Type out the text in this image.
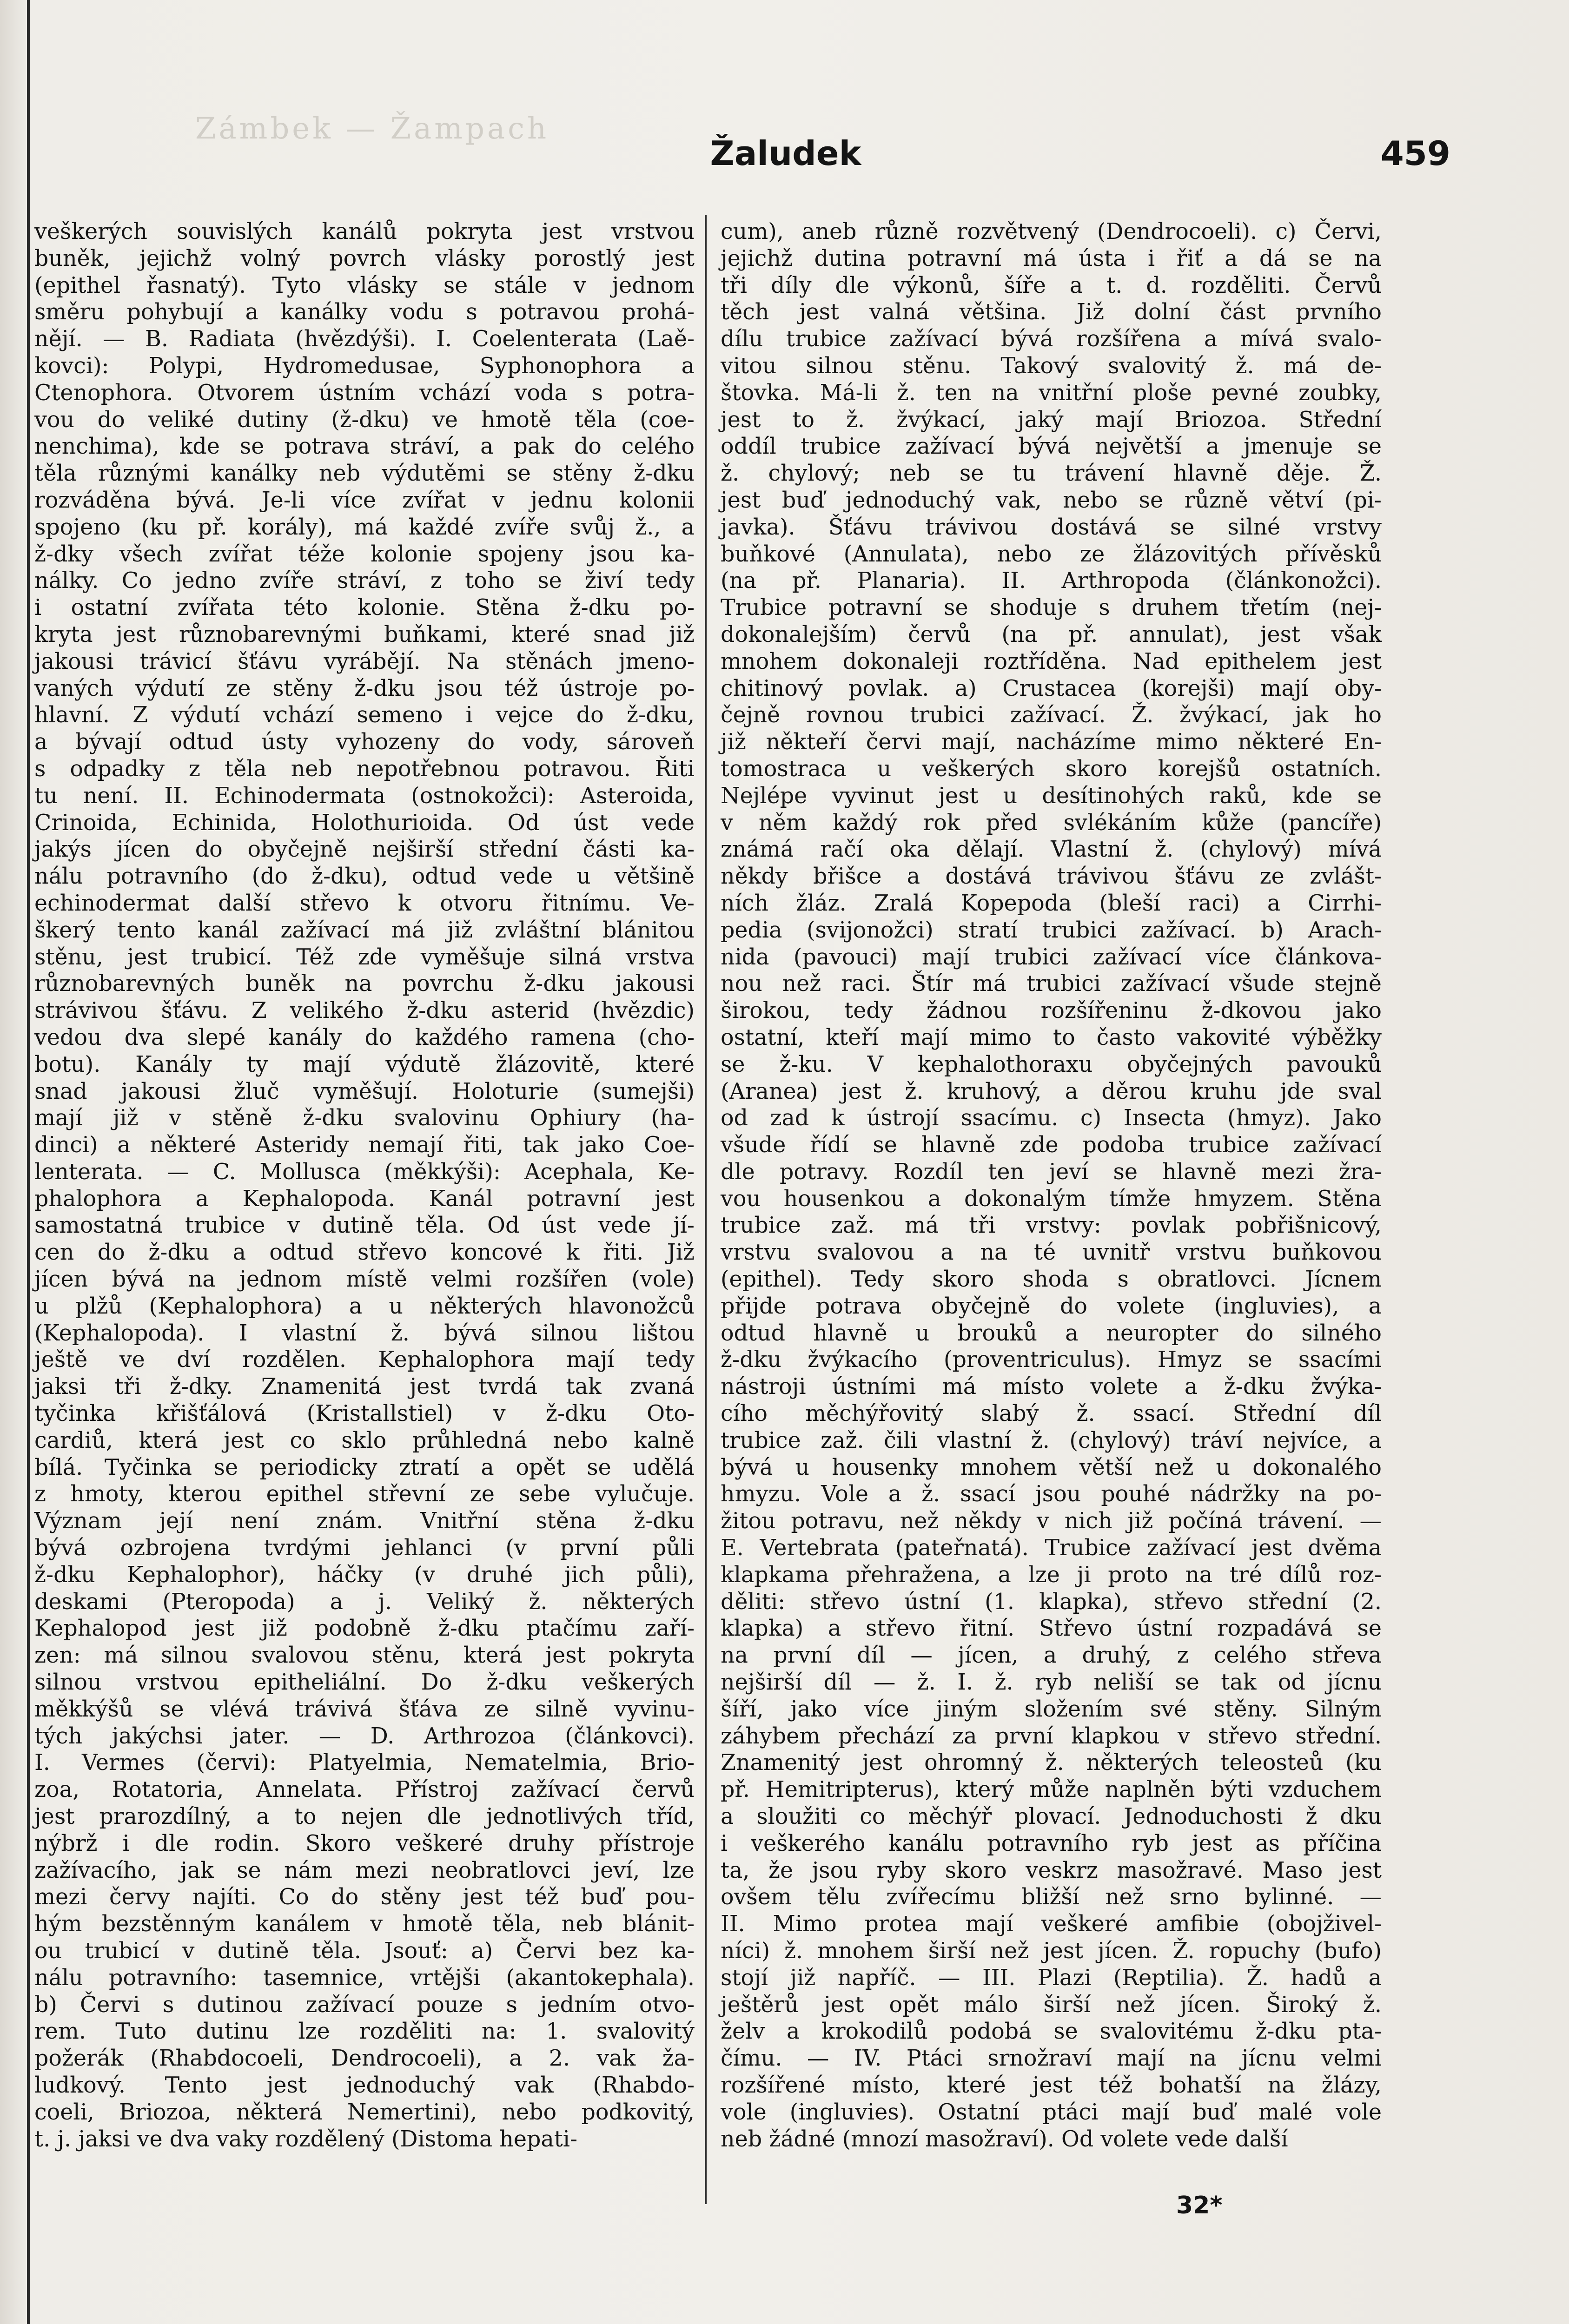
Zámbek — Žampach
Žaludek	459

veškerých souvislých kanálů pokryta jest vrstvou

buněk, jejichž volný povrch vlásky porostlý jest

(epithel řasnatý). Tyto vlásky se stále v jednom

směru pohybují a kanálky vodu s potravou prohá-

nějí. — B. Radiata (hvězdýši). I. Coelenterata (Laě-

kovci): Polypi, Hydromedusae, Syphonophora a

Ctenophora. Otvorem ústním vchází voda s potra-

vou do veliké dutiny (ž-dku) ve hmotě těla (coe-

nenchima), kde se potrava stráví, a pak do celého

těla různými kanálky neb výdutěmi se stěny ž-dku

rozváděna bývá. Je-li více zvířat v jednu kolonii

spojeno (ku př. korály), má každé zvíře svůj ž., a

ž-dky všech zvířat téže kolonie spojeny jsou ka-

nálky. Co jedno zvíře stráví, z toho se živí tedy

i ostatní zvířata této kolonie. Stěna ž-dku po-

kryta jest různobarevnými buňkami, které snad již

jakousi trávicí šťávu vyrábějí. Na stěnách jmeno-

vaných výdutí ze stěny ž-dku jsou též ústroje po-

hlavní. Z výdutí vchází semeno i vejce do ž-dku,

a bývají odtud ústy vyhozeny do vody, sároveň

s odpadky z těla neb nepotřebnou potravou. Řiti

tu není. II. Echinodermata (ostnokožci): Asteroida,

Crinoida, Echinida, Holothurioida. Od úst vede

jakýs jícen do obyčejně nejširší střední části ka-

nálu potravního (do ž-dku), odtud vede u většině

echinodermat další střevo k otvoru řitnímu. Ve-

škerý tento kanál zažívací má již zvláštní blánitou

stěnu, jest trubicí. Též zde vyměšuje silná vrstva

různobarevných buněk na povrchu ž-dku jakousi

strávivou šťávu. Z velikého ž-dku asterid (hvězdic)

vedou dva slepé kanály do každého ramena (cho-

botu). Kanály ty mají výdutě žlázovitě, které

snad jakousi žluč vyměšují. Holoturie (sumejši)

mají již v stěně ž-dku svalovinu Ophiury (ha-

dinci) a některé Asteridy nemají řiti, tak jako Coe-

lenterata. — C. Mollusca (měkkýši): Acephala, Ke-

phalophora a Kephalopoda. Kanál potravní jest

samostatná trubice v dutině těla. Od úst vede jí-

cen do ž-dku a odtud střevo koncové k řiti. Již

jícen bývá na jednom místě velmi rozšířen (vole)

u plžů (Kephalophora) a u některých hlavonožců

(Kephalopoda). I vlastní ž. bývá silnou lištou

ještě ve dví rozdělen. Kephalophora mají tedy

jaksi tři ž-dky. Znamenitá jest tvrdá tak zvaná

tyčinka křišťálová (Kristallstiel) v ž-dku Oto-

cardiů, která jest co sklo průhledná nebo kalně

bílá. Tyčinka se periodicky ztratí a opět se udělá

z hmoty, kterou epithel střevní ze sebe vylučuje.

Význam její není znám. Vnitřní stěna ž-dku

bývá ozbrojena tvrdými jehlanci (v první půli

ž-dku Kephalophor), háčky (v druhé jich půli),

deskami (Pteropoda) a j. Veliký ž. některých

Kephalopod jest již podobně ž-dku ptačímu zaří-

zen: má silnou svalovou stěnu, která jest pokryta

silnou vrstvou epitheliální. Do ž-dku veškerých

měkkýšů se vlévá trávivá šťáva ze silně vyvinu-

tých jakýchsi jater. — D. Arthrozoa (článkovci).

I. Vermes (červi): Platyelmia, Nematelmia, Brio-

zoa, Rotatoria, Annelata. Přístroj zažívací červů

jest prarozdílný, a to nejen dle jednotlivých tříd,

nýbrž i dle rodin. Skoro veškeré druhy přístroje

zažívacího, jak se nám mezi neobratlovci jeví, lze

mezi červy najíti. Co do stěny jest též buď pou-

hým bezstěnným kanálem v hmotě těla, neb blánit-

ou trubicí v dutině těla. Jsouť: a) Červi bez ka-

nálu potravního: tasemnice, vrtějši (akantokephala).

b) Červi s dutinou zažívací pouze s jedním otvo-

rem. Tuto dutinu lze rozděliti na: 1. svalovitý

požerák (Rhabdocoeli, Dendrocoeli), a 2. vak ža-

ludkový. Tento jest jednoduchý vak (Rhabdo-

coeli, Briozoa, některá Nemertini), nebo podkovitý,

t. j. jaksi ve dva vaky rozdělený (Distoma hepati-

cum), aneb různě rozvětvený (Dendrocoeli). c) Červi,

jejichž dutina potravní má ústa i řiť a dá se na

tři díly dle výkonů, šíře a t. d. rozděliti. Červů

těch jest valná většina. Již dolní část prvního

dílu trubice zažívací bývá rozšířena a mívá svalo-

vitou silnou stěnu. Takový svalovitý ž. má de-

štovka. Má-li ž. ten na vnitřní ploše pevné zoubky,

jest to ž. žvýkací, jaký mají Briozoa. Střední

oddíl trubice zažívací bývá největší a jmenuje se

ž. chylový; neb se tu trávení hlavně děje. Ž.

jest buď jednoduchý vak, nebo se různě větví (pi-

javka). Šťávu trávivou dostává se silné vrstvy

buňkové (Annulata), nebo ze žlázovitých přívěsků

(na př. Planaria). II. Arthropoda (článkonožci).

Trubice potravní se shoduje s druhem třetím (nej-

dokonalejším) červů (na př. annulat), jest však

mnohem dokonaleji roztříděna. Nad epithelem jest

chitinový povlak. a) Crustacea (korejši) mají oby-

čejně rovnou trubici zažívací. Ž. žvýkací, jak ho

již někteří červi mají, nacházíme mimo některé En-

tomostraca u veškerých skoro korejšů ostatních.

Nejlépe vyvinut jest u desítinohých raků, kde se

v něm každý rok před svlékáním kůže (pancíře)

známá račí oka dělají. Vlastní ž. (chylový) mívá

někdy břišce a dostává trávivou šťávu ze zvlášt-

ních žláz. Zralá Kopepoda (bleší raci) a Cirrhi-

pedia (svijonožci) stratí trubici zažívací. b) Arach-

nida (pavouci) mají trubici zažívací více článkova-

nou než raci. Štír má trubici zažívací všude stejně

širokou, tedy žádnou rozšířeninu ž-dkovou jako

ostatní, kteří mají mimo to často vakovité výběžky

se ž-ku. V kephalothoraxu obyčejných pavouků

(Aranea) jest ž. kruhový, a děrou kruhu jde sval

od zad k ústrojí ssacímu. c) Insecta (hmyz). Jako

všude řídí se hlavně zde podoba trubice zažívací

dle potravy. Rozdíl ten jeví se hlavně mezi žra-

vou housenkou a dokonalým tímže hmyzem. Stěna

trubice zaž. má tři vrstvy: povlak pobřišnicový,

vrstvu svalovou a na té uvnitř vrstvu buňkovou

(epithel). Tedy skoro shoda s obratlovci. Jícnem

přijde potrava obyčejně do volete (ingluvies), a

odtud hlavně u brouků a neuropter do silného

ž-dku žvýkacího (proventriculus). Hmyz se ssacími

nástroji ústními má místo volete a ž-dku žvýka-

cího měchýřovitý slabý ž. ssací. Střední díl

trubice zaž. čili vlastní ž. (chylový) tráví nejvíce, a

bývá u housenky mnohem větší než u dokonalého

hmyzu. Vole a ž. ssací jsou pouhé nádržky na po-

žitou potravu, než někdy v nich již počíná trávení. —

E. Vertebrata (pateřnatá). Trubice zažívací jest dvěma

klapkama přehražena, a lze ji proto na tré dílů roz-

děliti: střevo ústní (1. klapka), střevo střední (2.

klapka) a střevo řitní. Střevo ústní rozpadává se

na první díl — jícen, a druhý, z celého střeva

nejširší díl — ž. I. ž. ryb neliší se tak od jícnu

šíří, jako více jiným složením své stěny. Silným

záhybem přechází za první klapkou v střevo střední.

Znamenitý jest ohromný ž. některých teleosteů (ku

př. Hemitripterus), který může naplněn býti vzduchem

a sloužiti co měchýř plovací. Jednoduchosti ž dku

i veškerého kanálu potravního ryb jest as příčina

ta, že jsou ryby skoro veskrz masožravé. Maso jest

ovšem tělu zvířecímu bližší než srno bylinné. —

II. Mimo protea mají veškeré amfibie (obojživel-

níci) ž. mnohem širší než jest jícen. Ž. ropuchy (bufo)

stojí již napříč. — III. Plazi (Reptilia). Ž. hadů a

ještěrů jest opět málo širší než jícen. Široký ž.

želv a krokodilů podobá se svalovitému ž-dku pta-

čímu. — IV. Ptáci srnožraví mají na jícnu velmi

rozšířené místo, které jest též bohatší na žlázy,

vole (ingluvies). Ostatní ptáci mají buď malé vole

neb žádné (mnozí masožraví). Od volete vede další

32*
